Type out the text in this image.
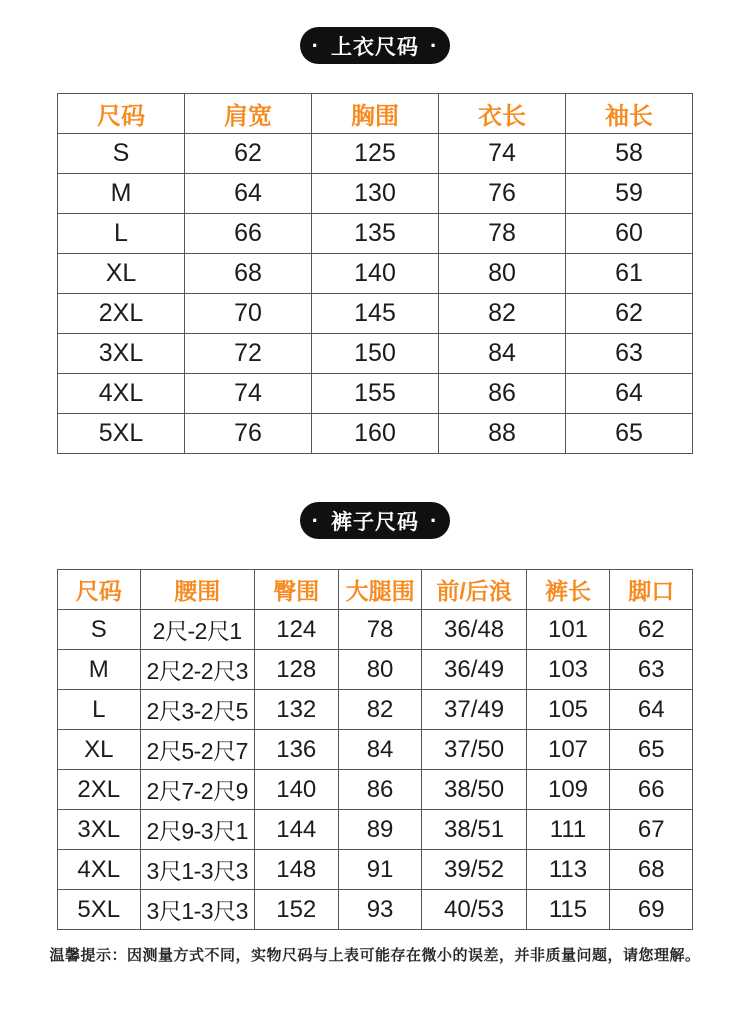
· 上衣尺码 ·
尺码	肩宽	胸围	衣长	袖长
S	62	125	74	58
M	64	130	76	59
L	66	135	78	60
XL	68	140	80	61
2XL	70	145	82	62
3XL	72	150	84	63
4XL	74	155	86	64
5XL	76	160	88	65
· 裤子尺码 ·
尺码	腰围	臀围	大腿围	前/后浪	裤长	脚口
S	2尺-2尺1	124	78	36/48	101	62
M	2尺2-2尺3	128	80	36/49	103	63
L	2尺3-2尺5	132	82	37/49	105	64
XL	2尺5-2尺7	136	84	37/50	107	65
2XL	2尺7-2尺9	140	86	38/50	109	66
3XL	2尺9-3尺1	144	89	38/51	111	67
4XL	3尺1-3尺3	148	91	39/52	113	68
5XL	3尺1-3尺3	152	93	40/53	115	69
温馨提示：因测量方式不同，实物尺码与上表可能存在微小的误差，并非质量问题，请您理解。
